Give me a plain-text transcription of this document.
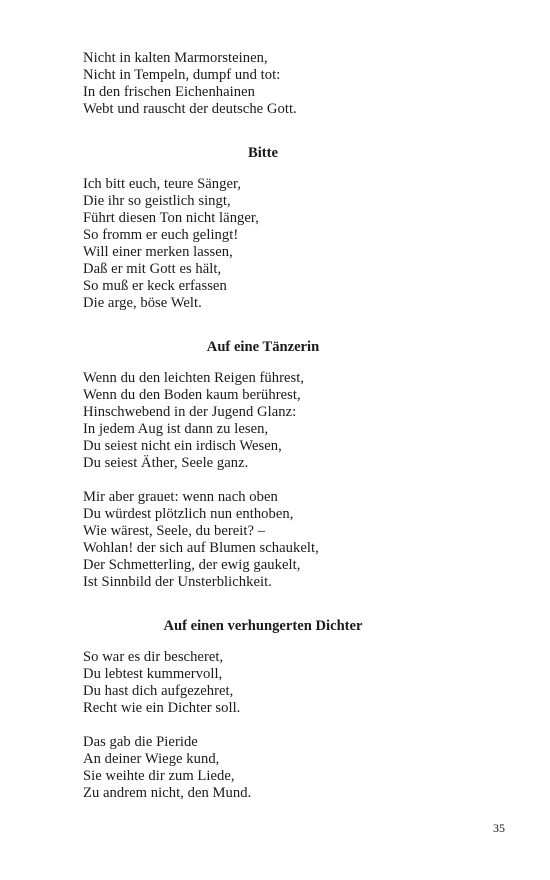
Nicht in kalten Marmorsteinen,
Nicht in Tempeln, dumpf und tot:
In den frischen Eichenhainen
Webt und rauscht der deutsche Gott.
Bitte
Ich bitt euch, teure Sänger,
Die ihr so geistlich singt,
Führt diesen Ton nicht länger,
So fromm er euch gelingt!
Will einer merken lassen,
Daß er mit Gott es hält,
So muß er keck erfassen
Die arge, böse Welt.
Auf eine Tänzerin
Wenn du den leichten Reigen führest,
Wenn du den Boden kaum berührest,
Hinschwebend in der Jugend Glanz:
In jedem Aug ist dann zu lesen,
Du seiest nicht ein irdisch Wesen,
Du seiest Äther, Seele ganz.
Mir aber grauet: wenn nach oben
Du würdest plötzlich nun enthoben,
Wie wärest, Seele, du bereit? –
Wohlan! der sich auf Blumen schaukelt,
Der Schmetterling, der ewig gaukelt,
Ist Sinnbild der Unsterblichkeit.
Auf einen verhungerten Dichter
So war es dir bescheret,
Du lebtest kummervoll,
Du hast dich aufgezehret,
Recht wie ein Dichter soll.
Das gab die Pieride
An deiner Wiege kund,
Sie weihte dir zum Liede,
Zu andrem nicht, den Mund.
35
